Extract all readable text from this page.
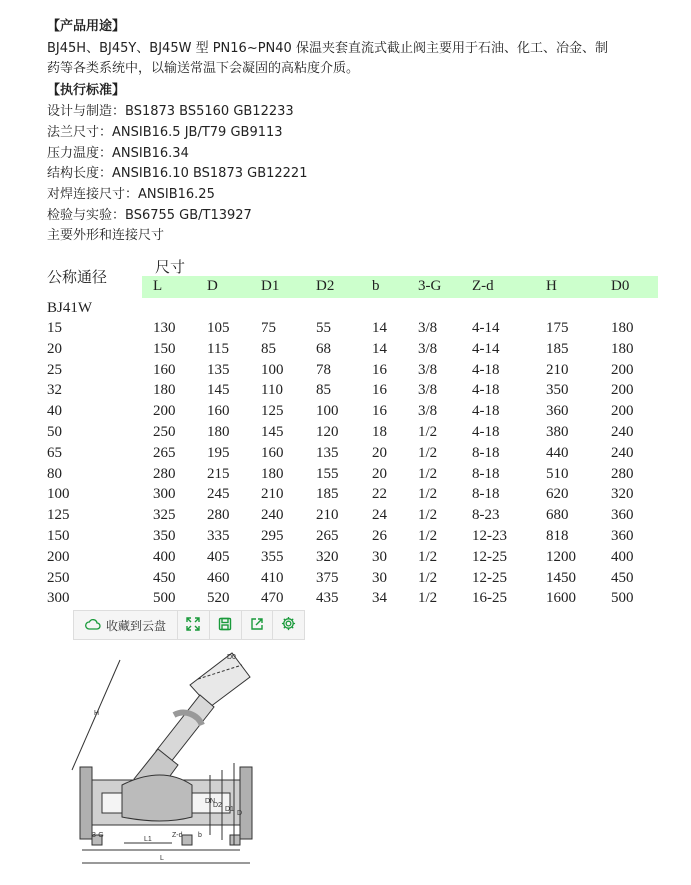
【产品用途】
BJ45H、BJ45Y、BJ45W 型 PN16~PN40 保温夹套直流式截止阀主要用于石油、化工、冶金、制
药等各类系统中，以输送常温下会凝固的高粘度介质。
【执行标准】
设计与制造：BS1873 BS5160 GB12233
法兰尺寸：ANSIB16.5 JB/T79 GB9113
压力温度：ANSIB16.34
结构长度：ANSIB16.10 BS1873 GB12221
对焊连接尺寸：ANSIB16.25
检验与实验：BS6755 GB/T13927
主要外形和连接尺寸
公称通径
尺寸
L	D	D1 D2	b	3-G Z-d	H	D0
BJ41W
15	130 105 75	55	14 3/8 4-14	175	180
20	150 115 85	68	14 3/8 4-14	185	180
25	160 135 100 78	16 3/8 4-18	210	200
32	180 145 110 85	16 3/8 4-18	350	200
40	200 160 125 100 16 3/8 4-18	360	200
50	250 180 145 120 18 1/2 4-18	380	240
65	265 195 160 135 20 1/2 8-18	440	240
80	280 215 180 155 20 1/2 8-18	510	280
100	300 245 210 185 22 1/2 8-18	620	320
125	325 280 240 210 24 1/2 8-23	680	360
150	350 335 295 265 26 1/2 12-23	818	360
200	400 405 355 320 30 1/2 12-25	1200 400
250	450 460 410 375 30 1/2 12-25	1450 450
300	500 520 470 435 34 1/2 16-25	1600 500
收藏到云盘
H
D0
DN
D2
D1
D
L1
L
3-G	Z-d b
